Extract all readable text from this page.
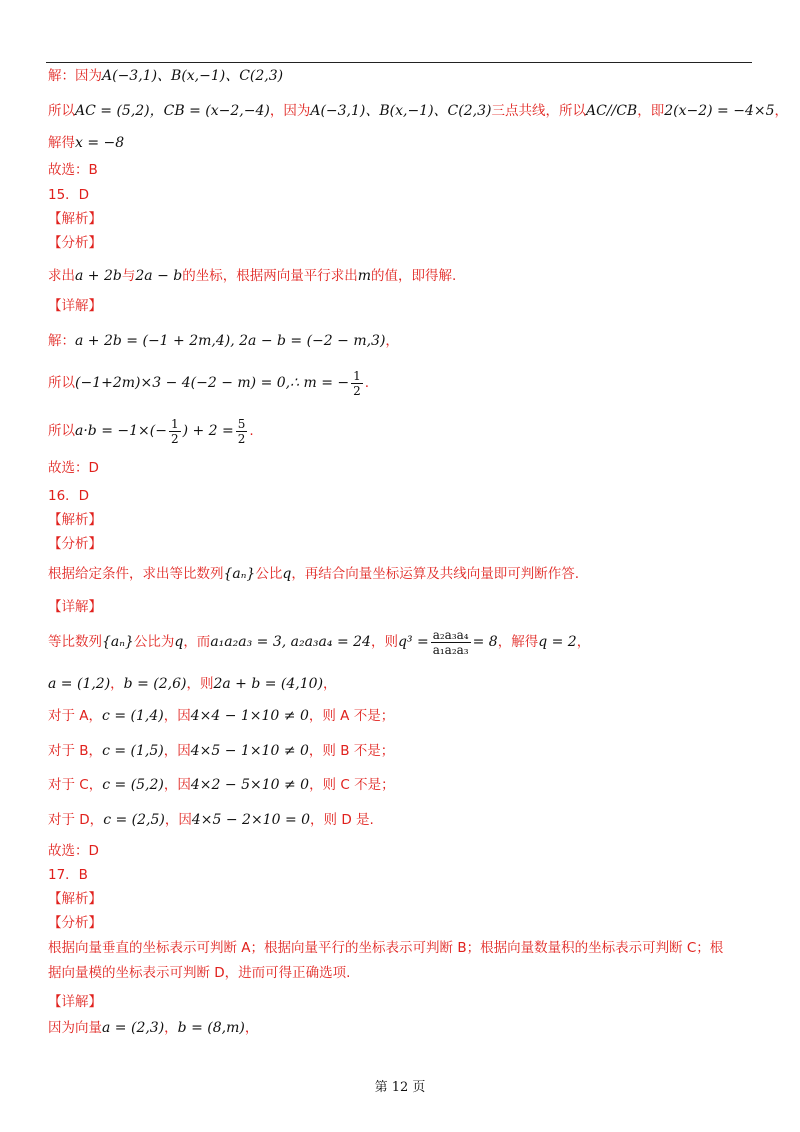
解：因为A(−3,1)、B(x,−1)、C(2,3)
所以AC = (5,2)，CB = (x−2,−4)，因为A(−3,1)、B(x,−1)、C(2,3)三点共线，所以AC//CB，即2(x−2) = −4×5，
解得x = −8
故选：B
15．D
【解析】
【分析】
求出a + 2b与2a − b的坐标，根据两向量平行求出m的值，即得解.
【详解】
解：a + 2b = (−1 + 2m,4), 2a − b = (−2 − m,3)，
所以(−1+2m)×3 − 4(−2 − m) = 0,∴ m = − $\frac{1}{2}$ .
所以$a\cdot b = -1\times(- \frac{1}{2}$ ) + $2 = \frac{5}{2}$ .
故选：D
16．D
【解析】
【分析】
根据给定条件，求出等比数列{aₙ}公比q，再结合向量坐标运算及共线向量即可判断作答.
【详解】
等比数列{aₙ}公比为q，而a₁a₂a₃ = 3, a₂a₃a₄ = 24，则$q^3 = \frac{\text{a₂a₃a₄}}{\text{a₁a₂a₃}} = 8$，解得q = 2，
a = (1,2)，b = (2,6)，则2a + b = (4,10)，
对于 A，c = (1,4)，因4×4 − 1×10 ≠ 0，则 A 不是；
对于 B，c = (1,5)，因4×5 − 1×10 ≠ 0，则 B 不是；
对于 C，c = (5,2)，因4×2 − 5×10 ≠ 0，则 C 不是；
对于 D，c = (2,5)，因4×5 − 2×10 = 0，则 D 是.
故选：D
17．B
【解析】
【分析】
根据向量垂直的坐标表示可判断 A；根据向量平行的坐标表示可判断 B；根据向量数量积的坐标表示可判断 C；根
据向量模的坐标表示可判断 D，进而可得正确选项.
【详解】
因为向量a = (2,3)，b = (8,m)，
第 12 页
